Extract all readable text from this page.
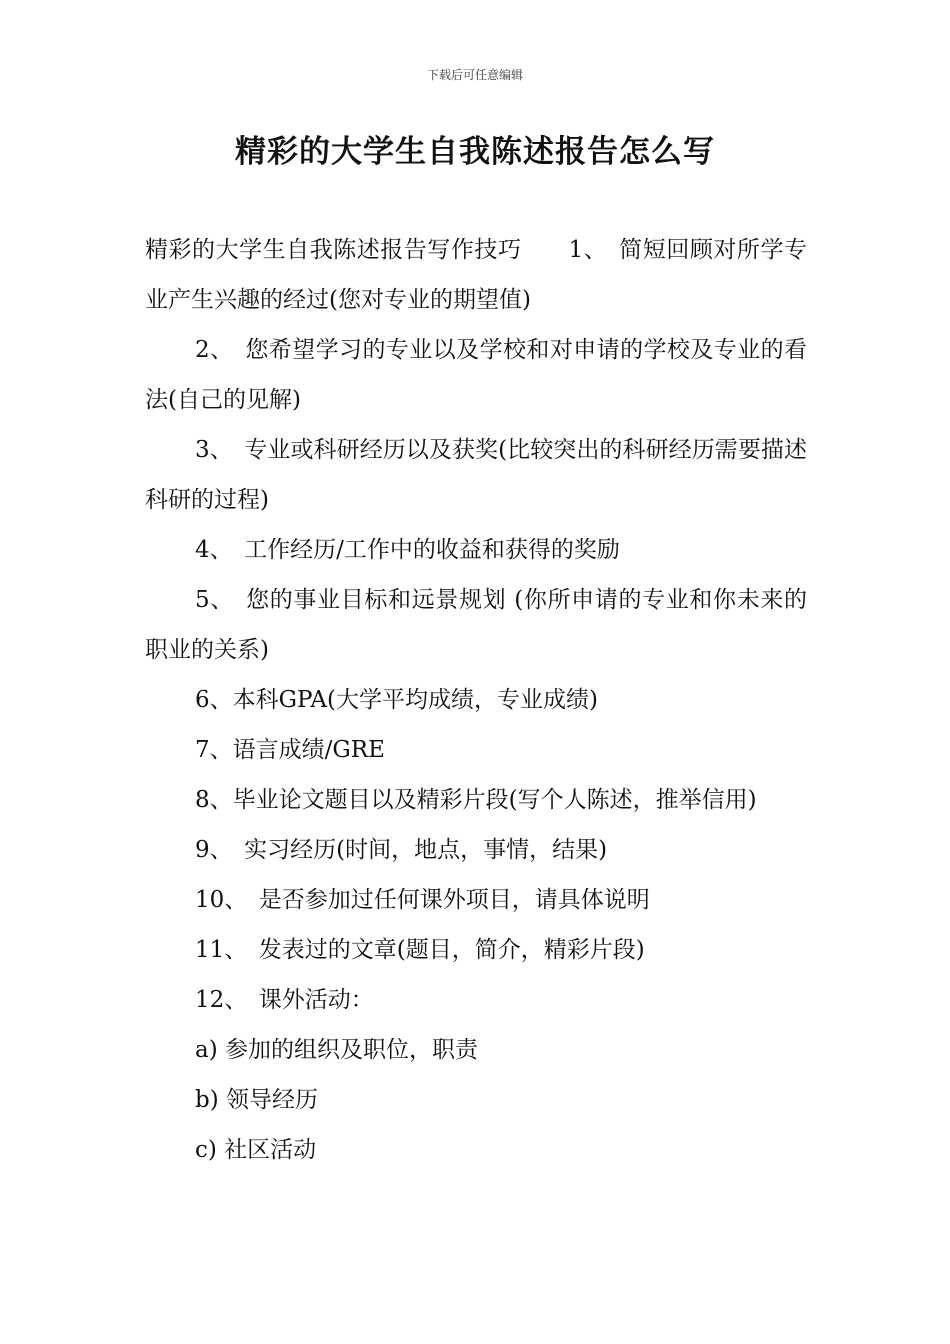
下载后可任意编辑
精彩的大学生自我陈述报告怎么写

精彩的大学生自我陈述报告写作技巧　　1、　简短回顾对所学专业产生兴趣的经过(您对专业的期望值)

2、　您希望学习的专业以及学校和对申请的学校及专业的看法(自己的见解)

3、　专业或科研经历以及获奖(比较突出的科研经历需要描述科研的过程)

4、　工作经历/工作中的收益和获得的奖励

5、　您的事业目标和远景规划 (你所申请的专业和你未来的职业的关系)

6、本科GPA(大学平均成绩，专业成绩)

7、语言成绩/GRE

8、毕业论文题目以及精彩片段(写个人陈述，推举信用)

9、　实习经历(时间，地点，事情，结果)

10、　是否参加过任何课外项目，请具体说明

11、　发表过的文章(题目，简介，精彩片段)

12、　课外活动：

a) 参加的组织及职位，职责

b) 领导经历

c) 社区活动
